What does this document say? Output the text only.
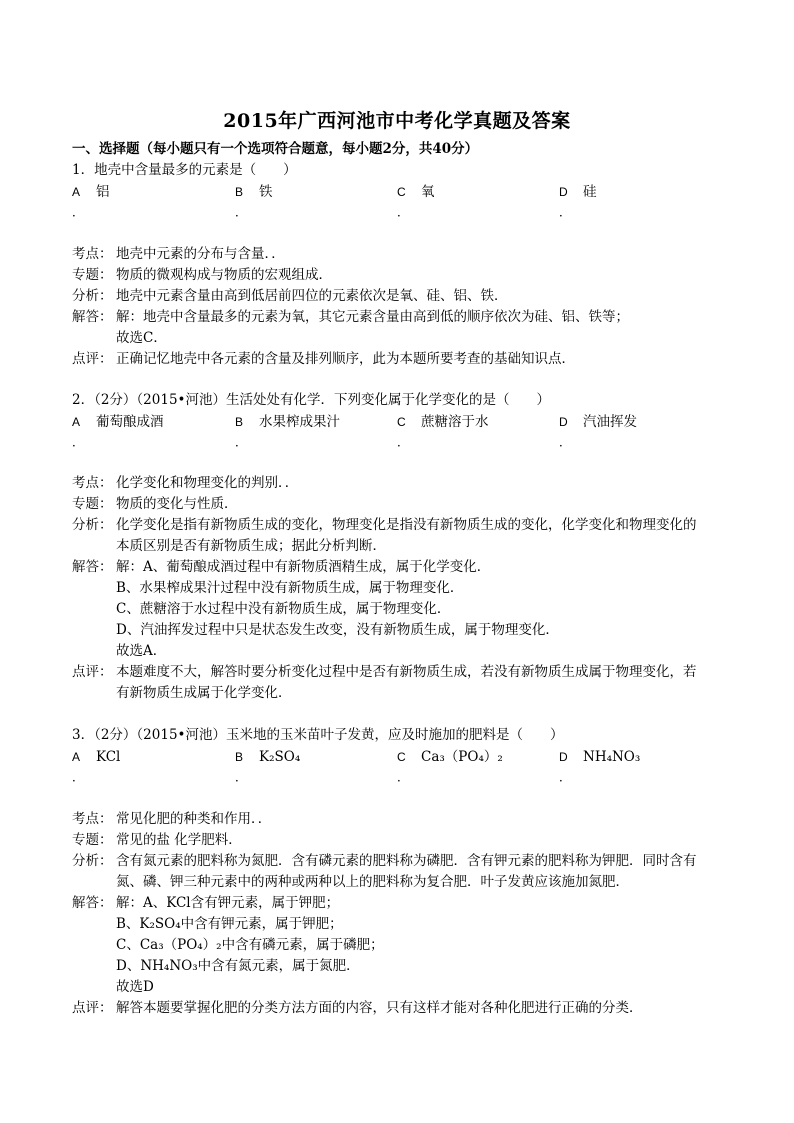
2015年广西河池市中考化学真题及答案
一、选择题（每小题只有一个选项符合题意，每小题2分，共40分）
1．地壳中含量最多的元素是（　　）
A 铝
．
B 铁
．
C 氧
．
D 硅
．
考点： 地壳中元素的分布与含量．．
专题： 物质的微观构成与物质的宏观组成．
分析： 地壳中元素含量由高到低居前四位的元素依次是氧、硅、铝、铁．
解答： 解：地壳中含量最多的元素为氧，其它元素含量由高到低的顺序依次为硅、铝、铁等；
故选C．
点评： 正确记忆地壳中各元素的含量及排列顺序，此为本题所要考查的基础知识点．
2．（2分）（2015•河池）生活处处有化学．下列变化属于化学变化的是（　　）
A 葡萄酿成酒
．
B 水果榨成果汁
．
C 蔗糖溶于水
．
D 汽油挥发
．
考点： 化学变化和物理变化的判别．．
专题： 物质的变化与性质．
分析： 化学变化是指有新物质生成的变化，物理变化是指没有新物质生成的变化，化学变化和物理变化的
本质区别是否有新物质生成；据此分析判断．
解答： 解：A、葡萄酿成酒过程中有新物质酒精生成，属于化学变化．
B、水果榨成果汁过程中没有新物质生成，属于物理变化．
C、蔗糖溶于水过程中没有新物质生成，属于物理变化．
D、汽油挥发过程中只是状态发生改变，没有新物质生成，属于物理变化．
故选A．
点评： 本题难度不大，解答时要分析变化过程中是否有新物质生成，若没有新物质生成属于物理变化，若
有新物质生成属于化学变化．
3．（2分）（2015•河池）玉米地的玉米苗叶子发黄，应及时施加的肥料是（　　）
A KCl
．
B K₂SO₄
．
C Ca₃（PO₄）₂
．
D NH₄NO₃
．
考点： 常见化肥的种类和作用．．
专题： 常见的盐 化学肥料．
分析： 含有氮元素的肥料称为氮肥．含有磷元素的肥料称为磷肥．含有钾元素的肥料称为钾肥．同时含有
氮、磷、钾三种元素中的两种或两种以上的肥料称为复合肥．叶子发黄应该施加氮肥．
解答： 解：A、KCl含有钾元素，属于钾肥；
B、K₂SO₄中含有钾元素，属于钾肥；
C、Ca₃（PO₄）₂中含有磷元素，属于磷肥；
D、NH₄NO₃中含有氮元素，属于氮肥．
故选D
点评： 解答本题要掌握化肥的分类方法方面的内容，只有这样才能对各种化肥进行正确的分类．
